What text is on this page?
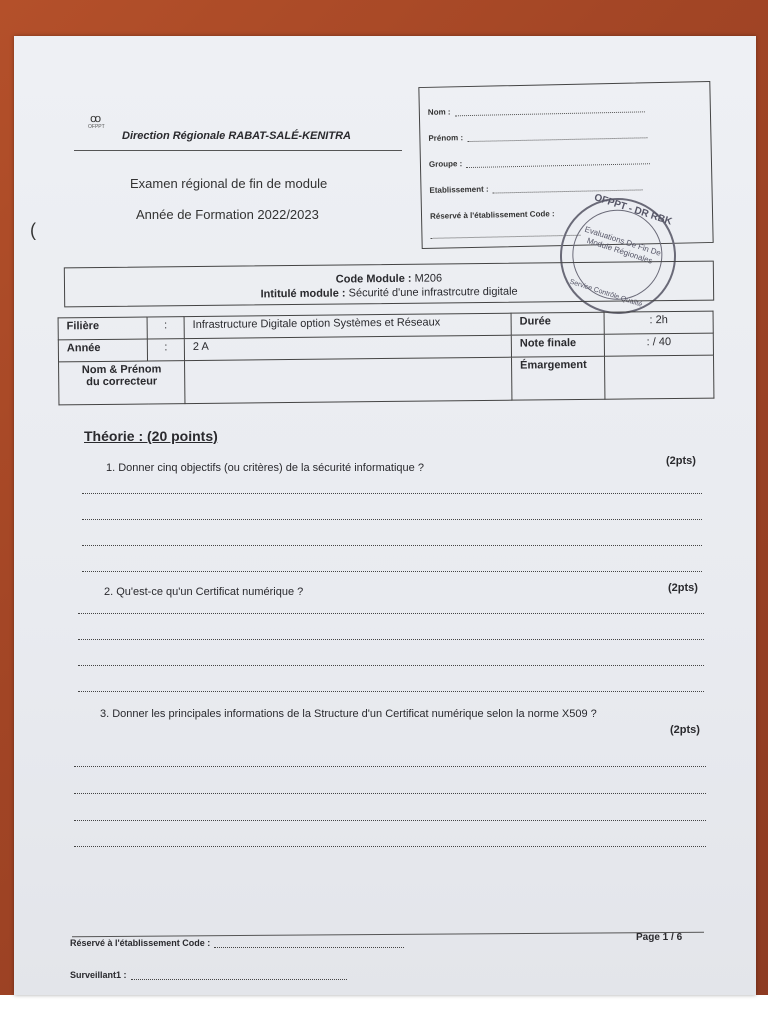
ꝏ
OFPPT
Direction Régionale RABAT-SALÉ-KENITRA
Examen régional de fin de module
Année de Formation 2022/2023
(
Nom :
Prénom :
Groupe :
Etablissement :
Réservé à l'établissement Code :	OFPPT - DR RBK
Evaluations De Fin De Module Régionales
Service Contrôle Qualité
Code Module : M206
Intitulé module : Sécurité d'une infrastrcutre digitale
Filière	:	Infrastructure Digitale option Systèmes et Réseaux	Durée	: 2h
Année	:	2 A	Note finale	: / 40

Nom & Prénom
du correcteur			Émargement	
Théorie : (20 points)
1. Donner cinq objectifs (ou critères) de la sécurité informatique ?
(2pts)
2. Qu'est-ce qu'un Certificat numérique ?	(2pts)
3. Donner les principales informations de la Structure d'un Certificat numérique selon la norme X509 ?
(2pts)
Page 1 / 6
Réservé à l'établissement Code :
Surveillant1 :
